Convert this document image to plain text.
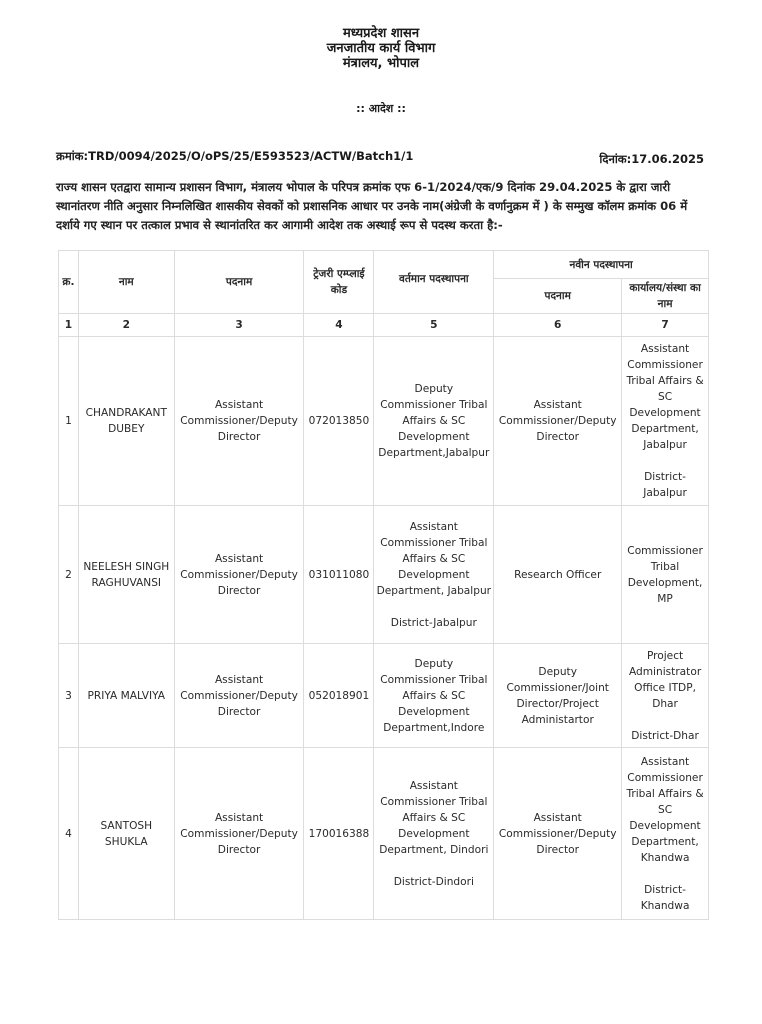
मध्यप्रदेश शासन
जनजातीय कार्य विभाग
मंत्रालय, भोपाल
:: आदेश ::
क्रमांक:TRD/0094/2025/O/oPS/25/E593523/ACTW/Batch1/1	दिनांक:17.06.2025
राज्य शासन एतद्वारा सामान्य प्रशासन विभाग, मंत्रालय भोपाल के परिपत्र क्रमांक एफ 6-1/2024/एक/9 दिनांक 29.04.2025 के द्वारा जारी स्थानांतरण नीति अनुसार निम्नलिखित शासकीय सेवकों को प्रशासनिक आधार पर उनके नाम(अंग्रेजी के वर्णानुक्रम में ) के सम्मुख कॉलम क्रमांक 06 में दर्शाये गए स्थान पर तत्काल प्रभाव से स्थानांतरित कर आगामी आदेश तक अस्थाई रूप से पदस्थ करता है:-
क्र.	नाम	पदनाम	ट्रेजरी एम्प्लाई कोड	वर्तमान पदस्थापना	नवीन पदस्थापना	
					पदनाम	कार्यालय/संस्था का नाम
1	2	3	4	5	6	7
1	CHANDRAKANT DUBEY	Assistant Commissioner/Deputy Director	072013850	Deputy Commissioner Tribal Affairs & SC Development Department,Jabalpur	Assistant Commissioner/Deputy Director	Assistant Commissioner Tribal Affairs & SC Development Department, Jabalpur

District-Jabalpur
2	NEELESH SINGH RAGHUVANSI	Assistant Commissioner/Deputy Director	031011080	Assistant Commissioner Tribal Affairs & SC Development Department, Jabalpur

District-Jabalpur	Research Officer	Commissioner Tribal Development, MP
3	PRIYA MALVIYA	Assistant Commissioner/Deputy Director	052018901	Deputy Commissioner Tribal Affairs & SC Development Department,Indore	Deputy Commissioner/Joint Director/Project Administartor	Project Administrator Office ITDP, Dhar

District-Dhar
4	SANTOSH SHUKLA	Assistant Commissioner/Deputy Director	170016388	Assistant Commissioner Tribal Affairs & SC Development Department, Dindori

District-Dindori	Assistant Commissioner/Deputy Director	Assistant Commissioner Tribal Affairs & SC Development Department, Khandwa

District-Khandwa
